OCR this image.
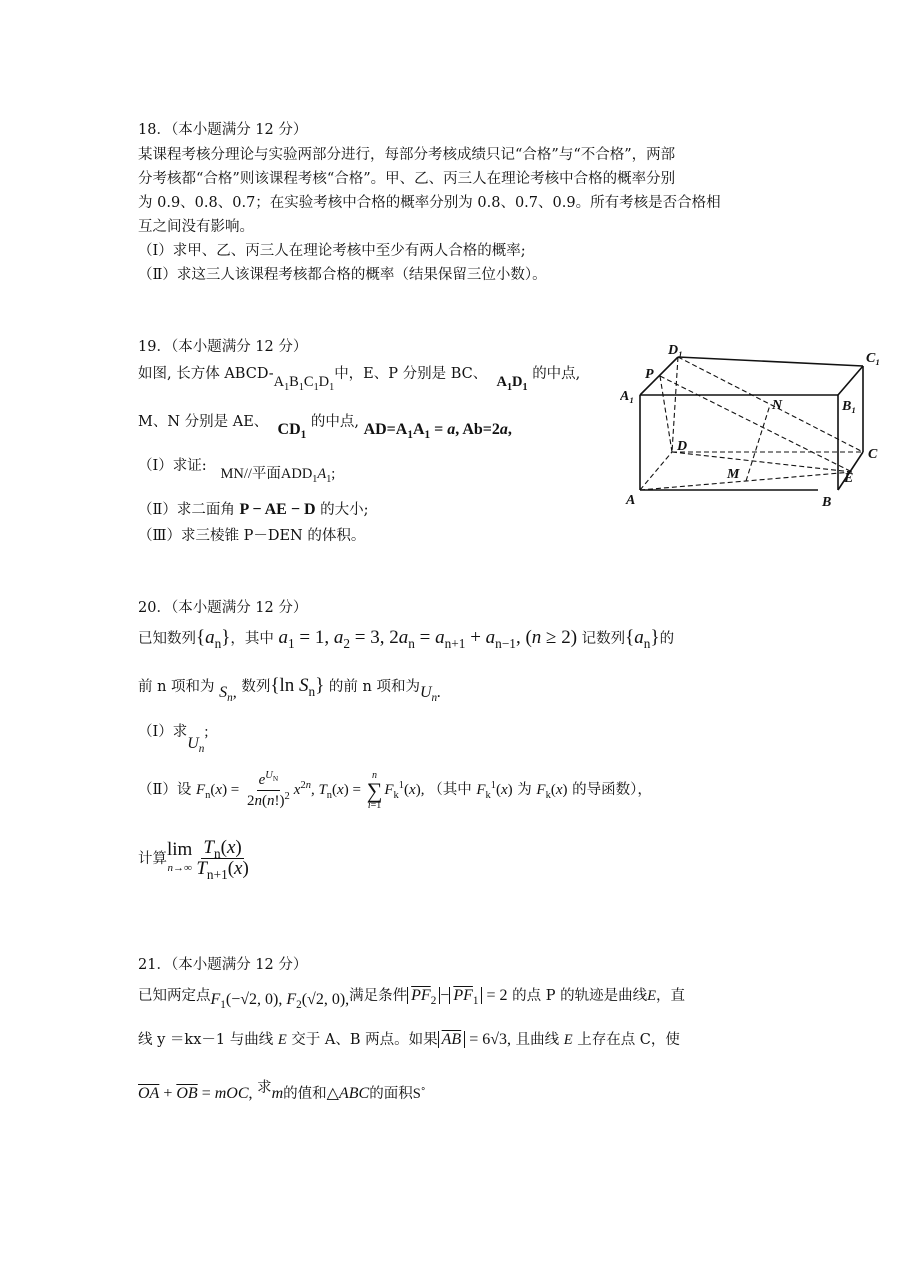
18．（本小题满分 12 分）
某课程考核分理论与实验两部分进行，每部分考核成绩只记“合格”与“不合格”，两部
分考核都“合格”则该课程考核“合格”。甲、乙、丙三人在理论考核中合格的概率分别
为 0.9、0.8、0.7；在实验考核中合格的概率分别为 0.8、0.7、0.9。所有考核是否合格相
互之间没有影响。
（Ⅰ）求甲、乙、丙三人在理论考核中至少有两人合格的概率;
（Ⅱ）求这三人该课程考核都合格的概率（结果保留三位小数）。
19．（本小题满分 12 分）
如图, 长方体 ABCD-$A_1B_1C_1D_1$中，E、P 分别是 BC、 $A_1D_1$ 的中点,
M、N 分别是 AE、 $CD_1$ 的中点, $AD=A_1A_1 = a$, Ab=2a,
（Ⅰ）求证: MN//平面$ADD_1A_1$;
（Ⅱ）求二面角 P − AE − D 的大小;
（Ⅲ）求三棱锥 P－DEN 的体积。
D₁
C₁
A₁
B₁
P
N
D
C
M	E
A	B
20．（本小题满分 12 分）
已知数列$\{a_n\}$，其中 $a_1 = 1$, $a_2 = 3$, $2a_n = a_{n+1} + a_{n-1}$, (n ≥ 2) 记数列$\{a_n\}$的
前 n 项和为 $S_n$, 数列{ln $S_n$} 的前 n 项和为$U_n$.
（Ⅰ）求$U_n$;
（Ⅱ）设 $F_n(x) = \frac{e^{U_N}}{2n(n!)^2} x^{2n}$, $T_n(x)$ =
n
∑
i=1
$F_k^1(x)$, （其中 $F_k^1(x)$ 为 $F_k(x)$ 的导函数），
计算 lim
$n\to\infty \frac{T_n(x)}{T_{n+1}(x)}$
21．（本小题满分 12 分）
已知两定点$F_1(-√2$, 0), $F_2(√2$, 0),满足条件 $\overline{PF}_2 - \overline{PF}_1 = 2$ 的点 P 的轨迹是曲线E，直
线 y ＝kx－1 与曲线 E 交于 A、B 两点。如果 $\overline{AB} = 6√3$, 且曲线 E 上存在点 C，使
$\overline{OA} + \overline{OB}$ = mOC, 求m的值和△ABC的面积S˚
